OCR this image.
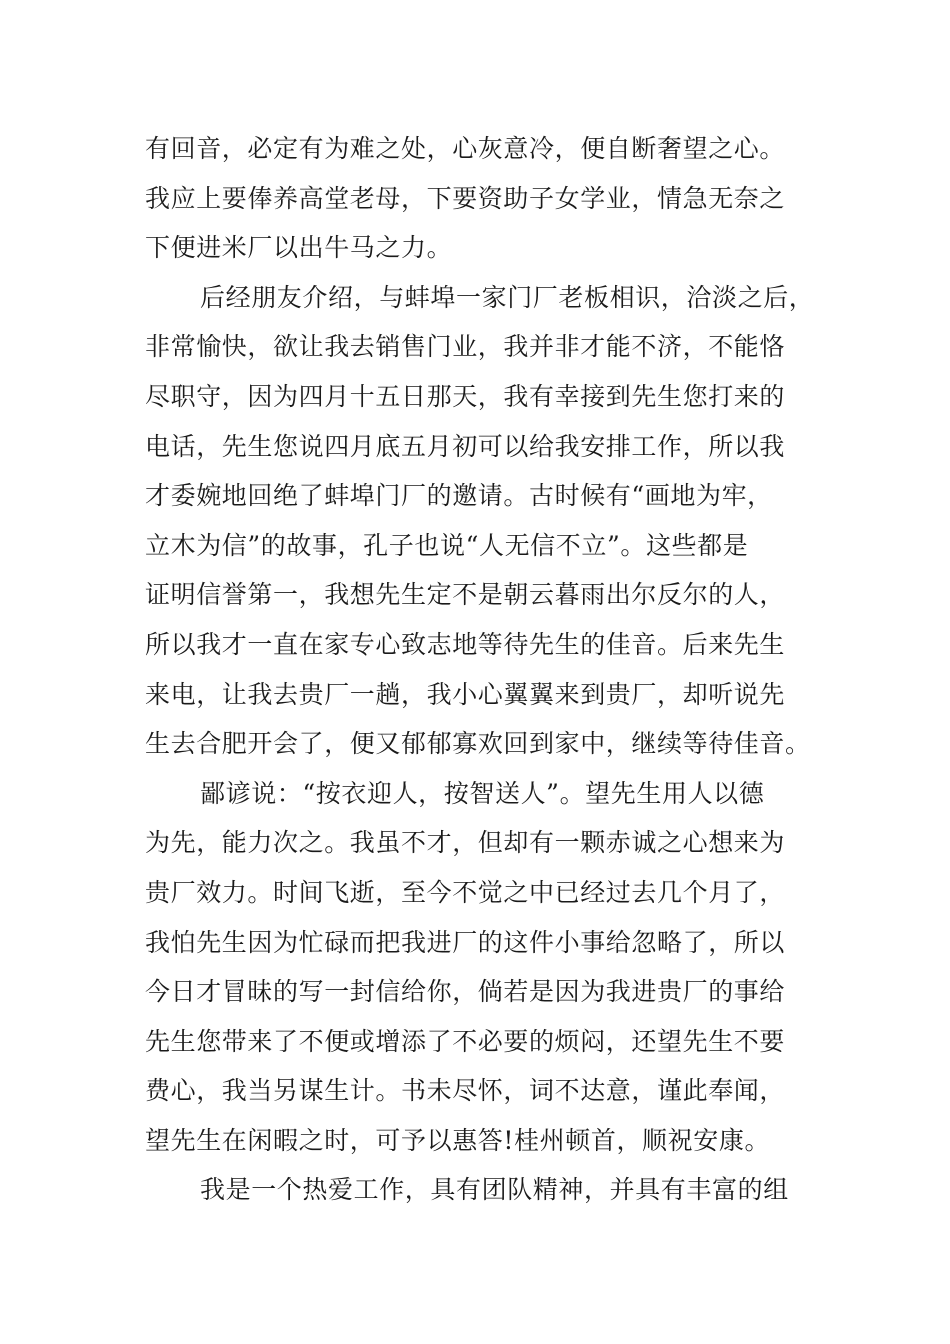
有回音，必定有为难之处，心灰意冷，便自断奢望之心。
我应上要俸养高堂老母，下要资助子女学业，情急无奈之
下便进米厂以出牛马之力。
后经朋友介绍，与蚌埠一家门厂老板相识，洽淡之后，
非常愉快，欲让我去销售门业，我并非才能不济，不能恪
尽职守，因为四月十五日那天，我有幸接到先生您打来的
电话，先生您说四月底五月初可以给我安排工作，所以我
才委婉地回绝了蚌埠门厂的邀请。古时候有“画地为牢，
立木为信”的故事，孔子也说“人无信不立”。这些都是
证明信誉第一，我想先生定不是朝云暮雨出尔反尔的人，
所以我才一直在家专心致志地等待先生的佳音。后来先生
来电，让我去贵厂一趟，我小心翼翼来到贵厂，却听说先
生去合肥开会了，便又郁郁寡欢回到家中，继续等待佳音。
鄙谚说：“按衣迎人，按智送人”。望先生用人以德
为先，能力次之。我虽不才，但却有一颗赤诚之心想来为
贵厂效力。时间飞逝，至今不觉之中已经过去几个月了，
我怕先生因为忙碌而把我进厂的这件小事给忽略了，所以
今日才冒昧的写一封信给你，倘若是因为我进贵厂的事给
先生您带来了不便或增添了不必要的烦闷，还望先生不要
费心，我当另谋生计。书未尽怀，词不达意，谨此奉闻，
望先生在闲暇之时，可予以惠答!桂州顿首，顺祝安康。
我是一个热爱工作，具有团队精神，并具有丰富的组
